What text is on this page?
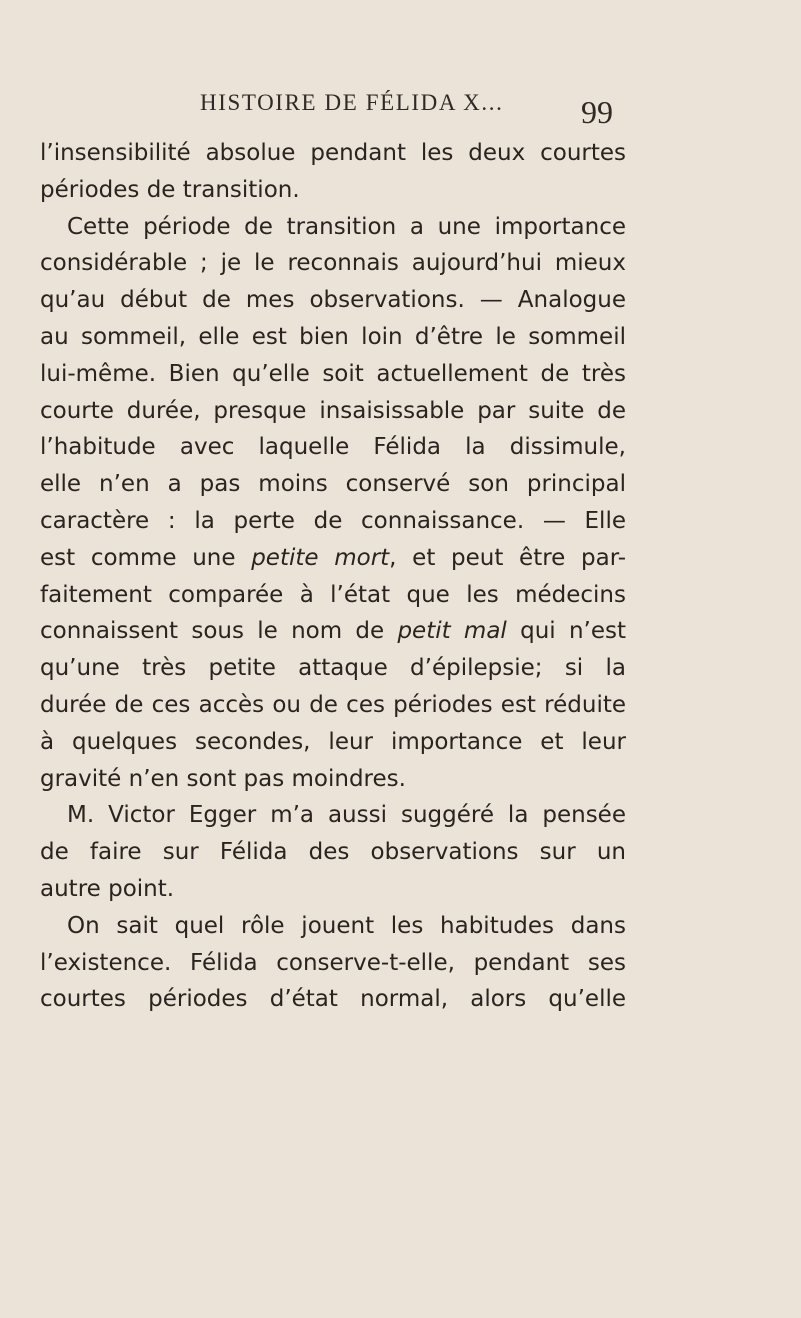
HISTOIRE DE FÉLIDA X... 99
l’insensibilité absolue pendant les deux courtes
périodes de transition.
Cette période de transition a une importance
considérable ; je le reconnais aujourd’hui mieux
qu’au début de mes observations. — Analogue
au sommeil, elle est bien loin d’être le sommeil
lui-même. Bien qu’elle soit actuellement de très
courte durée, presque insaisissable par suite de
l’habitude avec laquelle Félida la dissimule,
elle n’en a pas moins conservé son principal
caractère : la perte de connaissance. — Elle
est comme une petite mort, et peut être par-
faitement comparée à l’état que les médecins
connaissent sous le nom de petit mal qui n’est
qu’une très petite attaque d’épilepsie; si la
durée de ces accès ou de ces périodes est réduite
à quelques secondes, leur importance et leur
gravité n’en sont pas moindres.
M. Victor Egger m’a aussi suggéré la pensée
de faire sur Félida des observations sur un
autre point.
On sait quel rôle jouent les habitudes dans
l’existence. Félida conserve-t-elle, pendant ses
courtes périodes d’état normal, alors qu’elle
